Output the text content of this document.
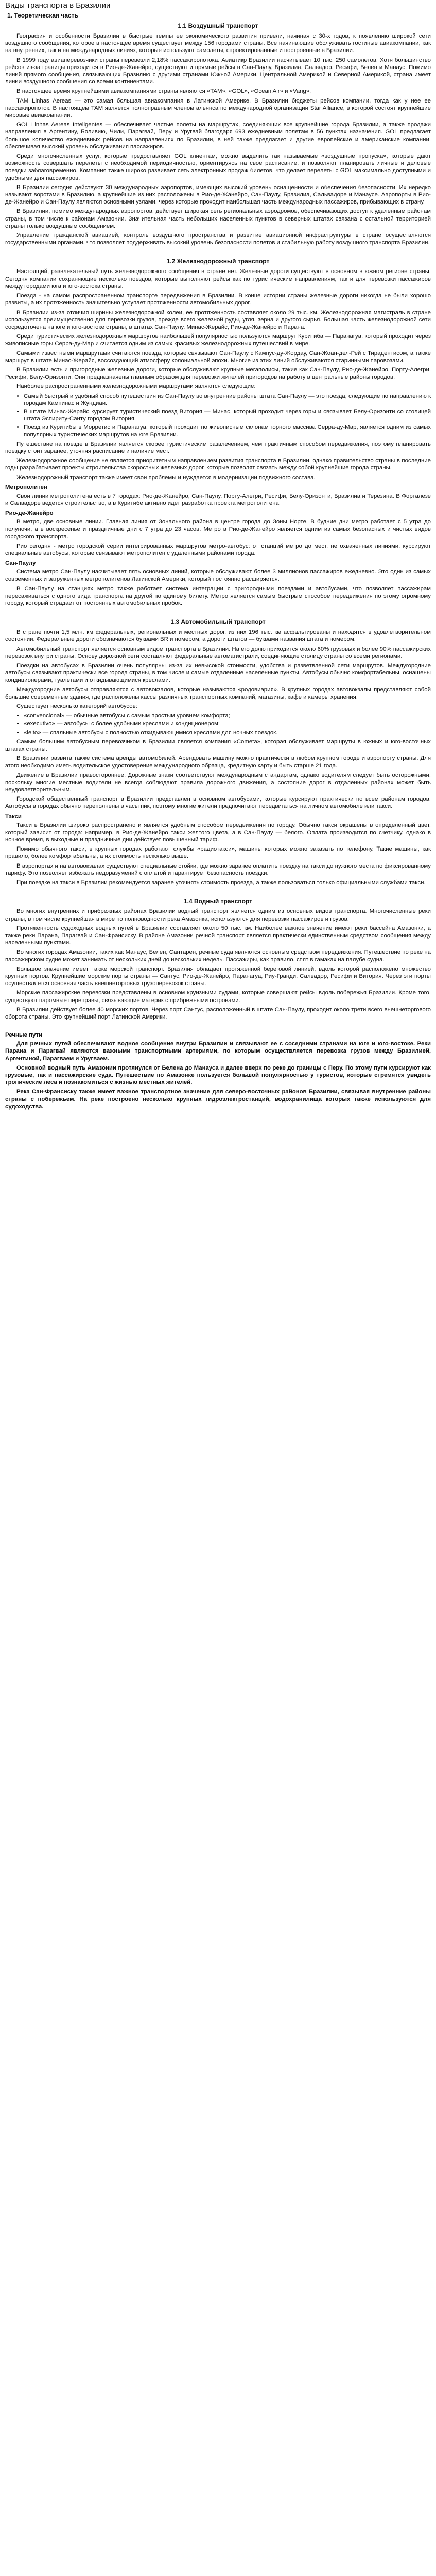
Виды транспорта в Бразилии
1. Теоретическая часть
1.1 Воздушный транспорт

География и особенности Бразилии в быстрые темпы ее экономического развития привели, начиная с 30-х годов, к появлению широкой сети воздушного сообщения, которое в настоящее время существует между 156 городами страны. Все начинающие обслуживать гостиные авиакомпании, как на внутренних, так и на международных линиях, которые используют самолеты, спроектированные и построенные в Бразилии.

В 1999 году авиаперевозчики страны перевезли 2,18% пассажиропотока. Авиатикр Бразилии насчитывает 10 тыс. 250 самолетов. Хотя большинство рейсов из-за границы приходится в Рио-де-Жанейро, существуют и прямые рейсы в Сан-Паулу, Бразилиа, Салвадор, Ресифи, Белен и Манаус. Помимо линий прямого сообщения, связывающих Бразилию с другими странами Южной Америки, Центральной Америкой и Северной Америкой, страна имеет линии воздушного сообщения со всеми континентами.

В настоящее время крупнейшими авиакомпаниями страны являются «TAM», «GOL», «Ocean Air» и «Varig».

TAM Linhas Aereas — это самая большая авиакомпания в Латинской Америке. В Бразилии бюджеты рейсов компании, тогда как у нее ее пассажиропоток. В настоящем TAM является полноправным членом альянса по международной организации Star Alliance, в которой состоят крупнейшие мировые авиакомпании.

GOL Linhas Aereas Inteligentes — обеспечивает частые полеты на маршрутах, соединяющих все крупнейшие города Бразилии, а также продажи направления в Аргентину, Боливию, Чили, Парагвай, Перу и Уругвай благодаря 693 ежедневным полетам в 56 пунктах назначения. GOL предлагает большое количество ежедневных рейсов на направлениях по Бразилии, в ней также предлагает и другие европейские и американские компании, обеспечивая высокий уровень обслуживания пассажиров.

Среди многочисленных услуг, которые предоставляет GOL клиентам, можно выделить так называемые «воздушные пропуска», которые дают возможность совершать перелеты с необходимой периодичностью, ориентируясь на свое расписание, и позволяют планировать личные и деловые поездки заблаговременно. Компания также широко развивает сеть электронных продаж билетов, что делает перелеты с GOL максимально доступными и удобными для пассажиров.

В Бразилии сегодня действуют 30 международных аэропортов, имеющих высокий уровень оснащенности и обеспечения безопасности. Их нередко называют воротами в Бразилию, а крупнейшие из них расположены в Рио-де-Жанейро, Сан-Паулу, Бразилиа, Сальвадоре и Манаусе. Аэропорты в Рио-де-Жанейро и Сан-Паулу являются основными узлами, через которые проходит наибольшая часть международных пассажиров, прибывающих в страну.

В Бразилии, помимо международных аэропортов, действует широкая сеть региональных аэродромов, обеспечивающих доступ к удаленным районам страны, в том числе к районам Амазонии. Значительная часть небольших населенных пунктов в северных штатах связана с остальной территорией страны только воздушным сообщением.

Управление гражданской авиацией, контроль воздушного пространства и развитие авиационной инфраструктуры в стране осуществляются государственными органами, что позволяет поддерживать высокий уровень безопасности полетов и стабильную работу воздушного транспорта Бразилии.

1.2 Железнодорожный транспорт

Настоящий, развлекательный путь железнодорожного сообщения в стране нет. Железные дороги существуют в основном в южном регионе страны. Сегодня компании сохраняющие несколько поездов, которые выполняют рейсы как по туристическим направлениям, так и для перевозки пассажиров между городами юга и юго-востока страны.

Поезда - на самом распространенном транспорте передвижения в Бразилии. В конце истории страны железные дороги никогда не были хорошо развиты, а их протяженность значительно уступает протяженности автомобильных дорог.

В Бразилии из-за отличия ширины железнодорожной колеи, ее протяженность составляет около 29 тыс. км. Железнодорожная магистраль в стране используется преимущественно для перевозки грузов, прежде всего железной руды, угля, зерна и другого сырья. Большая часть железнодорожной сети сосредоточена на юге и юго-востоке страны, в штатах Сан-Паулу, Минас-Жерайс, Рио-де-Жанейро и Парана.

Среди туристических железнодорожных маршрутов наибольшей популярностью пользуются маршрут Куритиба — Паранагуа, который проходит через живописные горы Серра-ду-Мар и считается одним из самых красивых железнодорожных путешествий в мире.

Самыми известными маршрутами считаются поезда, которые связывают Сан-Паулу с Кампус-ду-Жордау, Сан-Жоан-дел-Рей с Тирадентисом, а также маршрут в штате Минас-Жерайс, воссоздающий атмосферу колониальной эпохи. Многие из этих линий обслуживаются старинными паровозами.

В Бразилии есть и пригородные железные дороги, которые обслуживают крупные мегаполисы, такие как Сан-Паулу, Рио-де-Жанейро, Порту-Алегри, Ресифи, Белу-Оризонти. Они предназначены главным образом для перевозки жителей пригородов на работу в центральные районы городов.

Наиболее распространенными железнодорожными маршрутами являются следующие:

• Самый быстрый и удобный способ путешествия из Сан-Паулу во внутренние районы штата Сан-Паулу — это поезда, следующие по направлению к городам Кампинас и Жундиаи.
• В штате Минас-Жерайс курсирует туристический поезд Витория — Минас, который проходит через горы и связывает Белу-Оризонти со столицей штата Эспириту-Санту городом Витория.
• Поезд из Куритибы в Морретис и Паранагуа, который проходит по живописным склонам горного массива Серра-ду-Мар, является одним из самых популярных туристических маршрутов на юге Бразилии.

Путешествие на поезде в Бразилии является скорее туристическим развлечением, чем практичным способом передвижения, поэтому планировать поездку стоит заранее, уточняя расписание и наличие мест.

Железнодорожное сообщение не является приоритетным направлением развития транспорта в Бразилии, однако правительство страны в последние годы разрабатывает проекты строительства скоростных железных дорог, которые позволят связать между собой крупнейшие города страны.

Железнодорожный транспорт также имеет свои проблемы и нуждается в модернизации подвижного состава.

Метрополитен

Свои линии метрополитена есть в 7 городах: Рио-де-Жанейро, Сан-Паулу, Порту-Алегри, Ресифи, Белу-Оризонти, Бразилиа и Терезина. В Форталезе и Салвадоре ведется строительство, а в Куритибе активно идет разработка проекта метрополитена.

Рио-де-Жанейро

В метро, две основные линии. Главная линия от Зонального района в центре города до Зоны Норте. В будние дни метро работает с 5 утра до полуночи, а в воскресенье и праздничные дни с 7 утра до 23 часов. Метро в Рио-де-Жанейро является одним из самых безопасных и чистых видов городского транспорта.

Рио сегодня - метро городской серии интегрированных маршрутов метро-автобус: от станций метро до мест, не охваченных линиями, курсируют специальные автобусы, которые связывают метрополитен с удаленными районами города.

Сан-Паулу

Система метро Сан-Паулу насчитывает пять основных линий, которые обслуживают более 3 миллионов пассажиров ежедневно. Это один из самых современных и загруженных метрополитенов Латинской Америки, который постоянно расширяется.

В Сан-Паулу на станциях метро также работает система интеграции с пригородными поездами и автобусами, что позволяет пассажирам пересаживаться с одного вида транспорта на другой по единому билету. Метро является самым быстрым способом передвижения по этому огромному городу, который страдает от постоянных автомобильных пробок.

1.3 Автомобильный транспорт

В стране почти 1,5 млн. км федеральных, региональных и местных дорог, из них 196 тыс. км асфальтированы и находятся в удовлетворительном состоянии. Федеральные дороги обозначаются буквами BR и номером, а дороги штатов — буквами названия штата и номером.

Автомобильный транспорт является основным видом транспорта в Бразилии. На его долю приходится около 60% грузовых и более 90% пассажирских перевозок внутри страны. Основу дорожной сети составляют федеральные автомагистрали, соединяющие столицу страны со всеми регионами.

Поездки на автобусах в Бразилии очень популярны из-за их невысокой стоимости, удобства и разветвленной сети маршрутов. Междугородние автобусы связывают практически все города страны, в том числе и самые отдаленные населенные пункты. Автобусы обычно комфортабельны, оснащены кондиционерами, туалетами и откидывающимися креслами.

Междугородние автобусы отправляются с автовокзалов, которые называются «родовиария». В крупных городах автовокзалы представляют собой большие современные здания, где расположены кассы различных транспортных компаний, магазины, кафе и камеры хранения.

Существует несколько категорий автобусов:

• «convencional» — обычные автобусы с самым простым уровнем комфорта;
• «executivo» — автобусы с более удобными креслами и кондиционером;
• «leito» — спальные автобусы с полностью откидывающимися креслами для ночных поездок.

Самым большим автобусным перевозчиком в Бразилии является компания «Cometa», которая обслуживает маршруты в южных и юго-восточных штатах страны.

В Бразилии развита также система аренды автомобилей. Арендовать машину можно практически в любом крупном городе и аэропорту страны. Для этого необходимо иметь водительское удостоверение международного образца, кредитную карту и быть старше 21 года.

Движение в Бразилии правостороннее. Дорожные знаки соответствуют международным стандартам, однако водителям следует быть осторожными, поскольку многие местные водители не всегда соблюдают правила дорожного движения, а состояние дорог в отдаленных районах может быть неудовлетворительным.

Городской общественный транспорт в Бразилии представлен в основном автобусами, которые курсируют практически по всем районам городов. Автобусы в городах обычно переполнены в часы пик, поэтому многие жители предпочитают передвигаться на личном автомобиле или такси.

Такси

Такси в Бразилии широко распространено и является удобным способом передвижения по городу. Обычно такси окрашены в определенный цвет, который зависит от города: например, в Рио-де-Жанейро такси желтого цвета, а в Сан-Паулу — белого. Оплата производится по счетчику, однако в ночное время, в выходные и праздничные дни действует повышенный тариф.

Помимо обычного такси, в крупных городах работают службы «радиотакси», машины которых можно заказать по телефону. Такие машины, как правило, более комфортабельны, а их стоимость несколько выше.

В аэропортах и на автовокзалах существуют специальные стойки, где можно заранее оплатить поездку на такси до нужного места по фиксированному тарифу. Это позволяет избежать недоразумений с оплатой и гарантирует безопасность поездки.

При поездке на такси в Бразилии рекомендуется заранее уточнять стоимость проезда, а также пользоваться только официальными службами такси.

1.4 Водный транспорт

Во многих внутренних и прибрежных районах Бразилии водный транспорт является одним из основных видов транспорта. Многочисленные реки страны, в том числе крупнейшая в мире по полноводности река Амазонка, используются для перевозки пассажиров и грузов.

Протяженность судоходных водных путей в Бразилии составляет около 50 тыс. км. Наиболее важное значение имеют реки бассейна Амазонки, а также реки Парана, Парагвай и Сан-Франсиску. В районе Амазонии речной транспорт является практически единственным средством сообщения между населенными пунктами.

Во многих городах Амазонии, таких как Манаус, Белен, Сантарен, речные суда являются основным средством передвижения. Путешествие по реке на пассажирском судне может занимать от нескольких дней до нескольких недель. Пассажиры, как правило, спят в гамаках на палубе судна.

Большое значение имеет также морской транспорт. Бразилия обладает протяженной береговой линией, вдоль которой расположено множество крупных портов. Крупнейшие морские порты страны — Сантус, Рио-де-Жанейро, Паранагуа, Риу-Гранди, Салвадор, Ресифи и Витория. Через эти порты осуществляется основная часть внешнеторговых грузоперевозок страны.

Морские пассажирские перевозки представлены в основном круизными судами, которые совершают рейсы вдоль побережья Бразилии. Кроме того, существуют паромные переправы, связывающие материк с прибрежными островами.

В Бразилии действует более 40 морских портов. Через порт Сантус, расположенный в штате Сан-Паулу, проходит около трети всего внешнеторгового оборота страны. Это крупнейший порт Латинской Америки.

Речные пути

Для речных путей обеспечивают водное сообщение внутри Бразилии и связывают ее с соседними странами на юге и юго-востоке. Реки Парана и Парагвай являются важными транспортными артериями, по которым осуществляется перевозка грузов между Бразилией, Аргентиной, Парагваем и Уругваем.

Основной водный путь Амазонии протянулся от Белена до Манауса и далее вверх по реке до границы с Перу. По этому пути курсируют как грузовые, так и пассажирские суда. Путешествие по Амазонке пользуется большой популярностью у туристов, которые стремятся увидеть тропические леса и познакомиться с жизнью местных жителей.

Река Сан-Франсиску также имеет важное транспортное значение для северо-восточных районов Бразилии, связывая внутренние районы страны с побережьем. На реке построено несколько крупных гидроэлектростанций, водохранилища которых также используются для судоходства.
